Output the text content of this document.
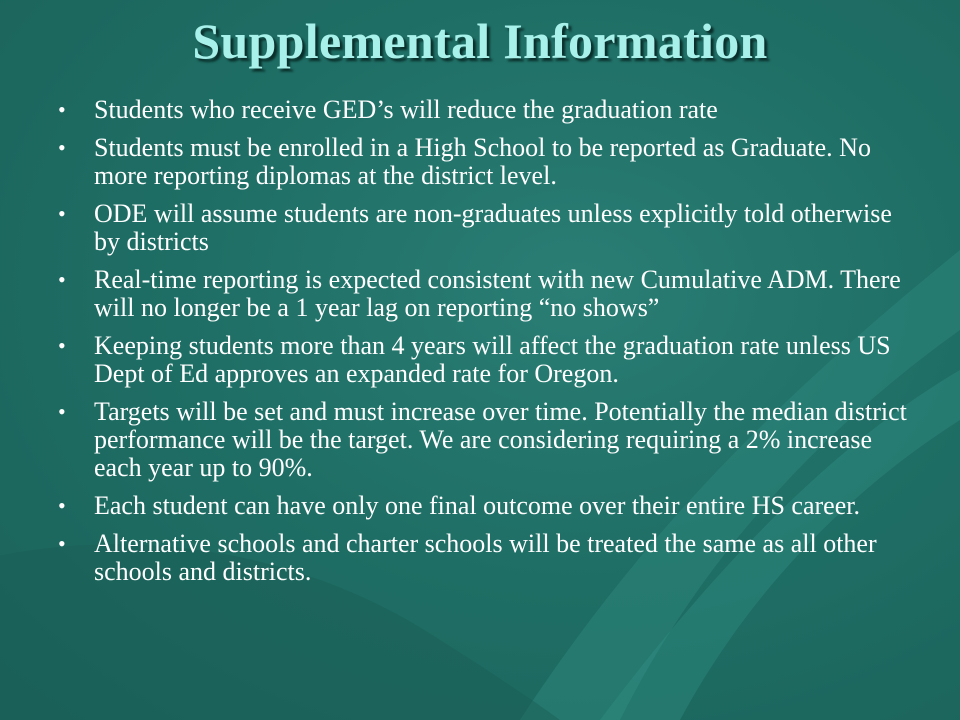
Supplemental Information
• Students who receive GED’s will reduce the graduation rate
• Students must be enrolled in a High School to be reported as Graduate. No more reporting diplomas at the district level.
• ODE will assume students are non-graduates unless explicitly told otherwise by districts
• Real-time reporting is expected consistent with new Cumulative ADM. There will no longer be a 1 year lag on reporting “no shows”
• Keeping students more than 4 years will affect the graduation rate unless US Dept of Ed approves an expanded rate for Oregon.
• Targets will be set and must increase over time. Potentially the median district performance will be the target. We are considering requiring a 2% increase each year up to 90%.
• Each student can have only one final outcome over their entire HS career.
• Alternative schools and charter schools will be treated the same as all other schools and districts.
